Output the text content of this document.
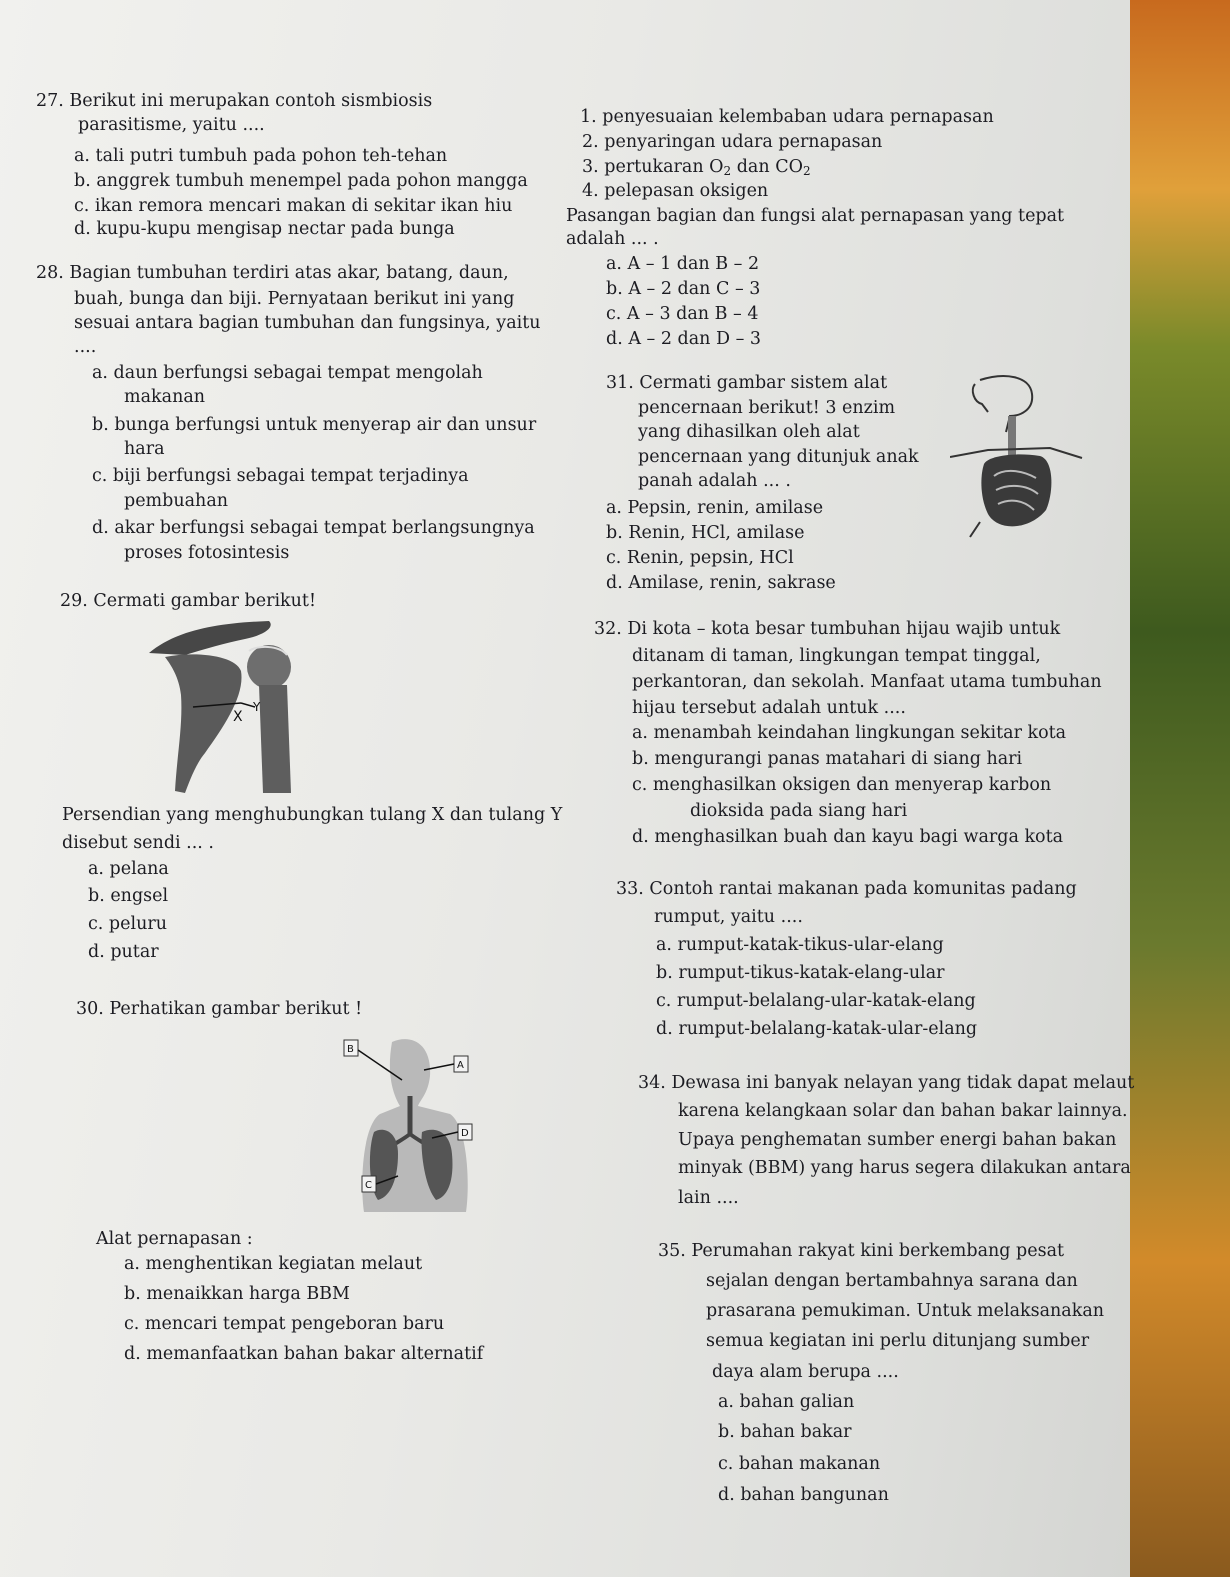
27. Berikut ini merupakan contoh sismbiosis
parasitisme, yaitu ....
a. tali putri tumbuh pada pohon teh-tehan
b. anggrek tumbuh menempel pada pohon mangga
c. ikan remora mencari makan di sekitar ikan hiu
d. kupu-kupu mengisap nectar pada bunga
1. penyesuaian kelembaban udara pernapasan
2. penyaringan udara pernapasan
3. pertukaran O2 dan CO2
4. pelepasan oksigen
Pasangan bagian dan fungsi alat pernapasan yang tepat
adalah ... .
a. A – 1 dan B – 2
b. A – 2 dan C – 3
c. A – 3 dan B – 4
d. A – 2 dan D – 3
28. Bagian tumbuhan terdiri atas akar, batang, daun,
buah, bunga dan biji. Pernyataan berikut ini yang
sesuai antara bagian tumbuhan dan fungsinya, yaitu
....
a. daun berfungsi sebagai tempat mengolah
makanan
b. bunga berfungsi untuk menyerap air dan unsur
hara
c. biji berfungsi sebagai tempat terjadinya
pembuahan
d. akar berfungsi sebagai tempat berlangsungnya
proses fotosintesis
31. Cermati gambar sistem alat
pencernaan berikut! 3 enzim
yang dihasilkan oleh alat
pencernaan yang ditunjuk anak
panah adalah ... .
a. Pepsin, renin, amilase
b. Renin, HCl, amilase
c. Renin, pepsin, HCl
d. Amilase, renin, sakrase
29. Cermati gambar berikut!
X
Y
Persendian yang menghubungkan tulang X dan tulang Y
disebut sendi ... .
a. pelana
b. engsel
c. peluru
d. putar
32. Di kota – kota besar tumbuhan hijau wajib untuk
ditanam di taman, lingkungan tempat tinggal,
perkantoran, dan sekolah. Manfaat utama tumbuhan
hijau tersebut adalah untuk ....
a. menambah keindahan lingkungan sekitar kota
b. mengurangi panas matahari di siang hari
c. menghasilkan oksigen dan menyerap karbon
dioksida pada siang hari
d. menghasilkan buah dan kayu bagi warga kota
33. Contoh rantai makanan pada komunitas padang
rumput, yaitu ....
a. rumput-katak-tikus-ular-elang
b. rumput-tikus-katak-elang-ular
c. rumput-belalang-ular-katak-elang
d. rumput-belalang-katak-ular-elang
30. Perhatikan gambar berikut !
B
A
D
C
Alat pernapasan :
34. Dewasa ini banyak nelayan yang tidak dapat melaut
karena kelangkaan solar dan bahan bakar lainnya.
Upaya penghematan sumber energi bahan bakan
minyak (BBM) yang harus segera dilakukan antara
lain ....
a. menghentikan kegiatan melaut
b. menaikkan harga BBM
c. mencari tempat pengeboran baru
d. memanfaatkan bahan bakar alternatif
35. Perumahan rakyat kini berkembang pesat
sejalan dengan bertambahnya sarana dan
prasarana pemukiman. Untuk melaksanakan
semua kegiatan ini perlu ditunjang sumber
daya alam berupa ....
a. bahan galian
b. bahan bakar
c. bahan makanan
d. bahan bangunan
